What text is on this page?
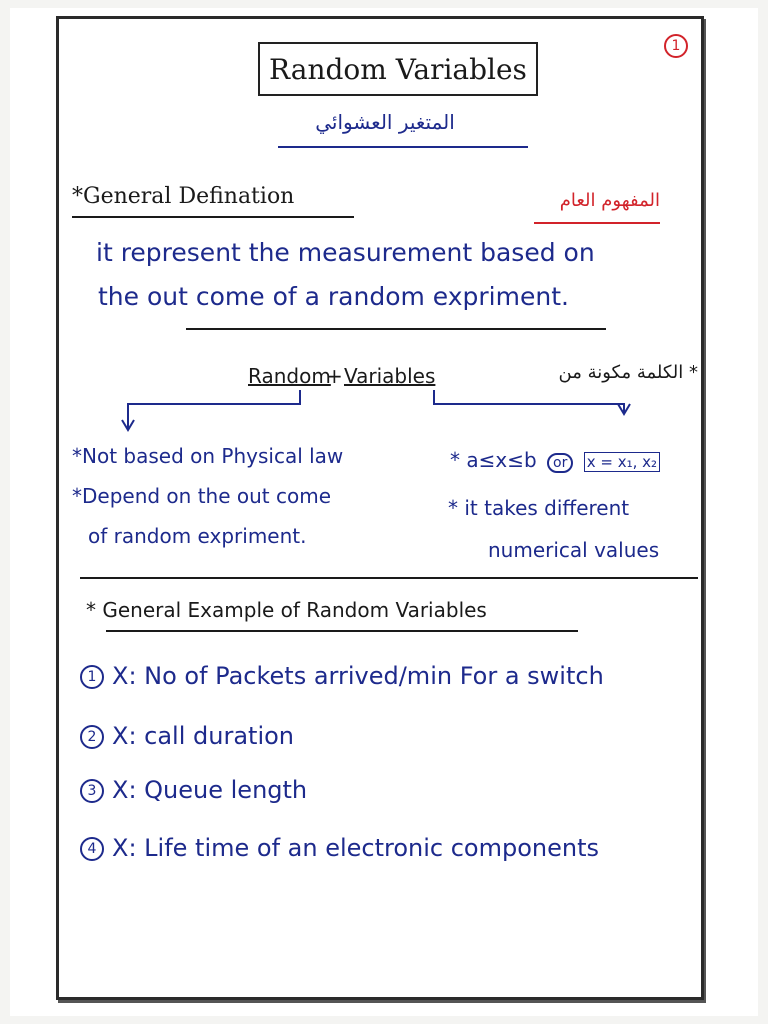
1
Random Variables
المتغير العشوائي
*General Defination	المفهوم العام
it represent the measurement based on
the out come of a random expriment.
Random
+ Variables	* الكلمة مكونة من
*Not based on Physical law
*Depend on the out come
of random expriment.
* a≤x≤b or x = x₁, x₂
* it takes different
numerical values
* General Example of Random Variables
1 X: No of Packets arrived/min For a switch
2 X: call duration
3 X: Queue length
4 X: Life time of an electronic components
